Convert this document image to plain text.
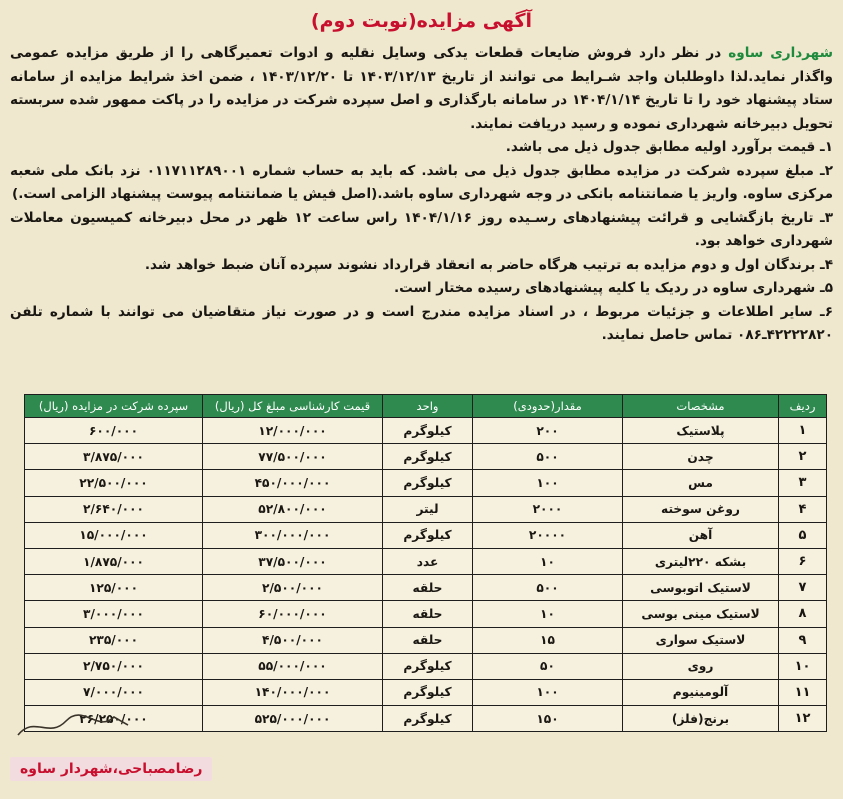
آگهی مزایده(نوبت دوم)

شهرداری ساوه در نظر دارد فروش ضایعات قطعات یدکی وسایل نقلیه و ادوات تعمیرگاهی را از طریق مزایده عمومی واگذار نماید.لذا داوطلبان واجد شـرایط می توانند از تاریخ ۱۴۰۳/۱۲/۱۳ تا ۱۴۰۳/۱۲/۲۰ ، ضمن اخذ شرایط مزایده از سامانه ستاد پیشنهاد خود را تا تاریخ ۱۴۰۴/۱/۱۴ در سامانه بارگذاری و اصل سپرده شرکت در مزایده را در پاکت ممهور شده سربسته تحویل دبیرخانه شهرداری نموده و رسید دریافت نمایند.

۱ـ قیمت برآورد اولیه مطابق جدول ذیل می باشد.

۲ـ مبلغ سپرده شرکت در مزایده مطابق جدول ذیل می باشد. که باید به حساب شماره ۰۱۱۷۱۱۲۸۹۰۰۱ نزد بانک ملی شعبه مرکزی ساوه. واریز یا ضمانتنامه بانکی در وجه شهرداری ساوه باشد.(اصل فیش یا ضمانتنامه پیوست پیشنهاد الزامی است.)

۳ـ تاریخ بازگشایی و قرائت پیشنهادهای رسـیده روز ۱۴۰۴/۱/۱۶ راس ساعت ۱۲ ظهر در محل دبیرخانه کمیسیون معاملات شهرداری خواهد بود.

۴ـ برندگان اول و دوم مزایده به ترتیب هرگاه حاضر به انعقاد قرارداد نشوند سپرده آنان ضبط خواهد شد.

۵ـ شهرداری ساوه در ردیک یا کلیه پیشنهادهای رسیده مختار است.

۶ـ سایر اطلاعات و جزئیات مربوط ، در اسناد مزایده مندرج است و در صورت نیاز متقاضیان می توانند با شماره تلفن ۴۲۲۲۲۸۲۰ـ۰۸۶ تماس حاصل نمایند.

ردیف	مشخصات	مقدار(حدودی)	واحد	قیمت کارشناسی مبلغ کل (ریال)	سپرده شرکت در مزایده (ریال)
۱	پلاستیک	۲۰۰	کیلوگرم	۱۲/۰۰۰/۰۰۰	۶۰۰/۰۰۰
۲	چدن	۵۰۰	کیلوگرم	۷۷/۵۰۰/۰۰۰	۳/۸۷۵/۰۰۰
۳	مس	۱۰۰	کیلوگرم	۴۵۰/۰۰۰/۰۰۰	۲۲/۵۰۰/۰۰۰
۴	روغن سوخته	۲۰۰۰	لیتر	۵۲/۸۰۰/۰۰۰	۲/۶۴۰/۰۰۰
۵	آهن	۲۰۰۰۰	کیلوگرم	۳۰۰/۰۰۰/۰۰۰	۱۵/۰۰۰/۰۰۰
۶	بشکه ۲۲۰لیتری	۱۰	عدد	۳۷/۵۰۰/۰۰۰	۱/۸۷۵/۰۰۰
۷	لاستیک اتوبوسی	۵۰۰	حلقه	۲/۵۰۰/۰۰۰	۱۲۵/۰۰۰
۸	لاستیک مینی بوسی	۱۰	حلقه	۶۰/۰۰۰/۰۰۰	۳/۰۰۰/۰۰۰
۹	لاستیک سواری	۱۵	حلقه	۴/۵۰۰/۰۰۰	۲۳۵/۰۰۰
۱۰	روی	۵۰	کیلوگرم	۵۵/۰۰۰/۰۰۰	۲/۷۵۰/۰۰۰
۱۱	آلومینیوم	۱۰۰	کیلوگرم	۱۴۰/۰۰۰/۰۰۰	۷/۰۰۰/۰۰۰
۱۲	برنج(فلز)	۱۵۰	کیلوگرم	۵۲۵/۰۰۰/۰۰۰	۲۶/۲۵۰/۰۰۰
رضامصباحی،شهردار ساوه
